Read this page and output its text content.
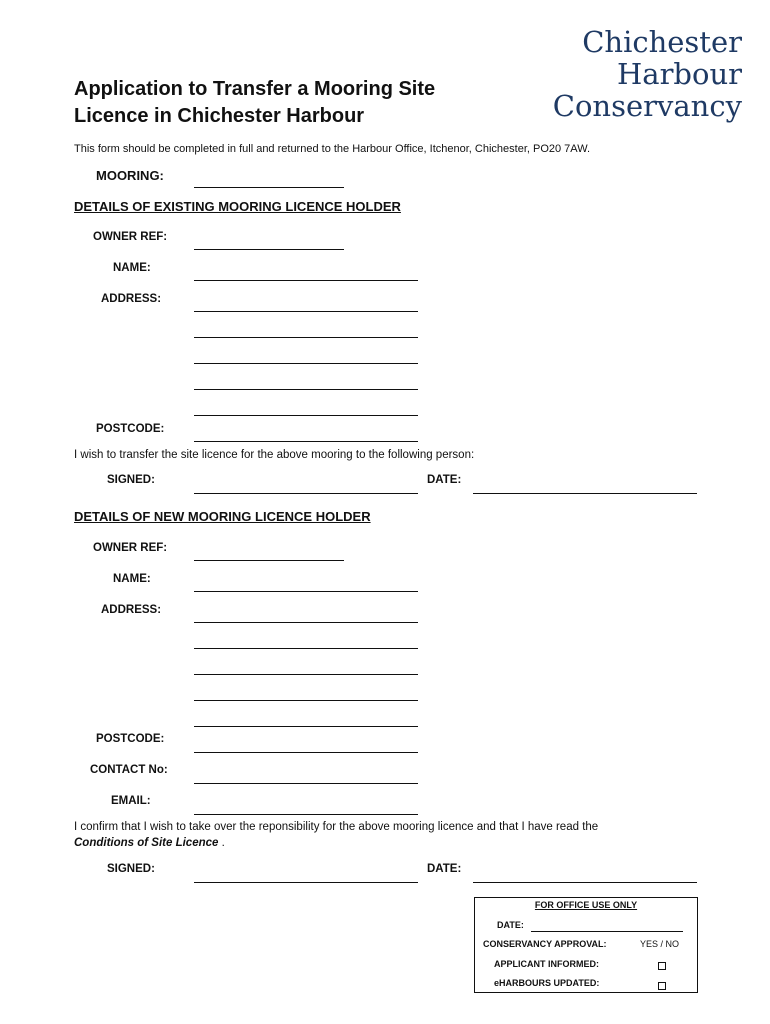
Application to Transfer a Mooring Site
Licence in Chichester Harbour
Chichester
Harbour
Conservancy
This form should be completed in full and returned to the Harbour Office, Itchenor, Chichester, PO20 7AW.
MOORING:
DETAILS OF EXISTING MOORING LICENCE HOLDER
OWNER REF:
NAME:
ADDRESS:
POSTCODE:
I wish to transfer the site licence for the above mooring to the following person:
SIGNED:	DATE:
DETAILS OF NEW MOORING LICENCE HOLDER
OWNER REF:
NAME:
ADDRESS:
POSTCODE:
CONTACT No:
EMAIL:
I confirm that I wish to take over the reponsibility for the above mooring licence and that I have read the
Conditions of Site Licence .
SIGNED:	DATE:
FOR OFFICE USE ONLY
DATE:
CONSERVANCY APPROVAL:	YES / NO
APPLICANT INFORMED:
eHARBOURS UPDATED:
